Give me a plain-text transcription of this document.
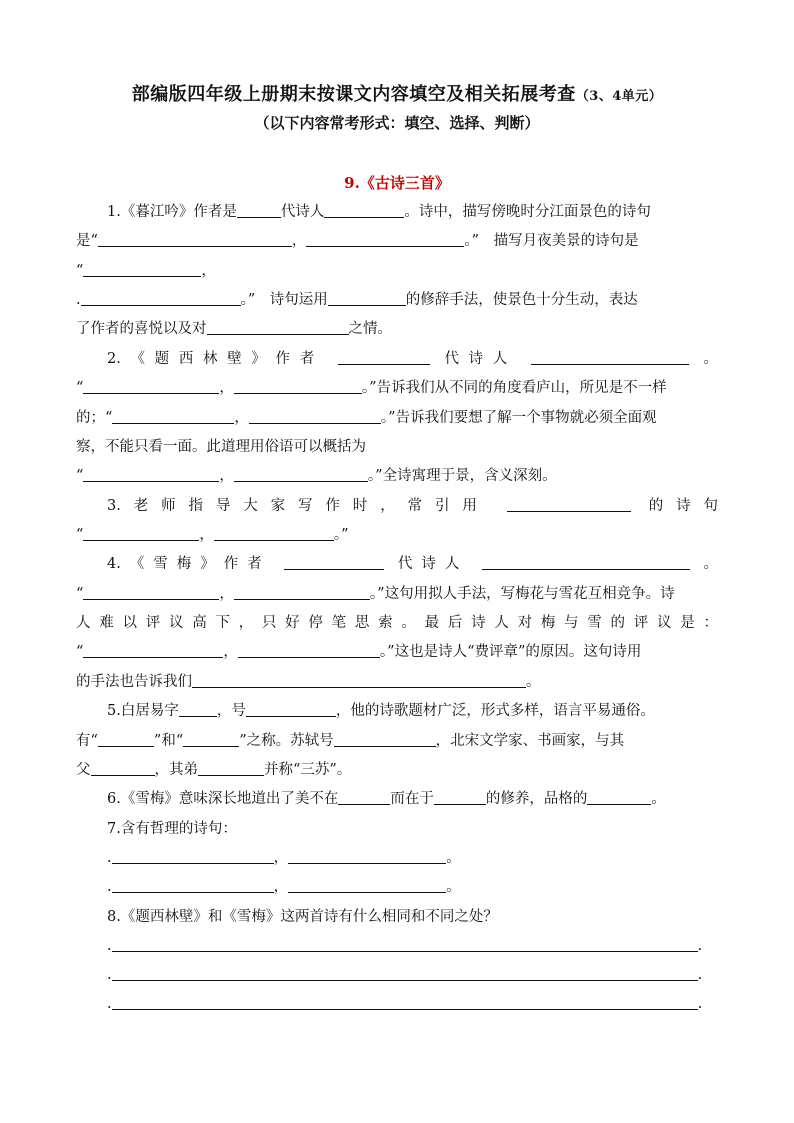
部编版四年级上册期末按课文内容填空及相关拓展考查（3、4单元）
（以下内容常考形式：填空、选择、判断）
9.《古诗三首》
1.《暮江吟》作者是	代诗人	。诗中，描写傍晚时分江面景色的诗句
是“	，	。”　描写月夜美景的诗句是
“	，
.	。”　诗句运用	的修辞手法，使景色十分生动，表达
了作者的喜悦以及对	之情。
2.《题西林壁》作者	代诗人	。
“	，	。”告诉我们从不同的角度看庐山，所见是不一样
的；“	，	。”告诉我们要想了解一个事物就必须全面观
察，不能只看一面。此道理用俗语可以概括为
“	，	。”全诗寓理于景，含义深刻。
3.老师指导大家写作时，常引用	的诗句
“	，	。”
4.《雪梅》作者	代诗人	。
“	，	。”这句用拟人手法，写梅花与雪花互相竞争。诗
人难以评议高下，只好停笔思索。最后诗人对梅与雪的评议是：
“	，	。”这也是诗人“费评章”的原因。这句诗用
的手法也告诉我们	。
5.白居易字	，号	，他的诗歌题材广泛，形式多样，语言平易通俗。
有“	”和“	”之称。苏轼号	，北宋文学家、书画家，与其
父	，其弟	并称“三苏”。
6.《雪梅》意味深长地道出了美不在	而在于	的修养，品格的	。
7.含有哲理的诗句：
.	，	。
.	，	。
8.《题西林壁》和《雪梅》这两首诗有什么相同和不同之处？
.	.
.	.
.	.
